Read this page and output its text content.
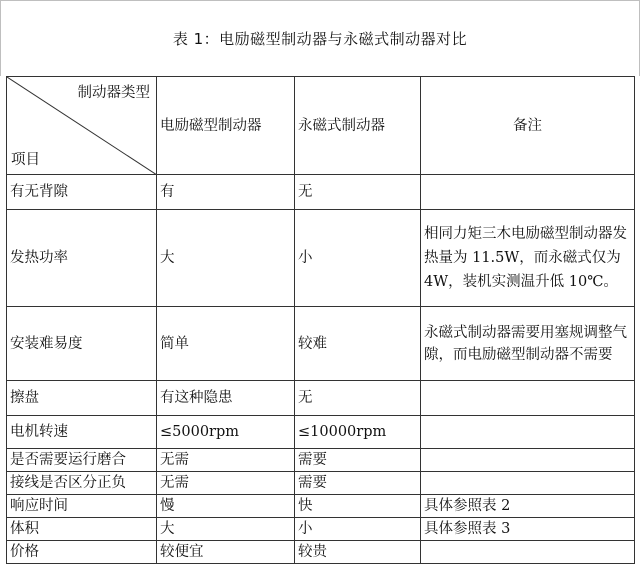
表 1：电励磁型制动器与永磁式制动器对比
制动器类型
项目	电励磁型制动器	永磁式制动器	备注
有无背隙	有	无	
发热功率	大	小	相同力矩三木电励磁型制动器发热量为 11.5W，而永磁式仅为 4W，装机实测温升低 10℃。
安装难易度	简单	较难	永磁式制动器需要用塞规调整气隙，而电励磁型制动器不需要
擦盘	有这种隐患	无	
电机转速	≤5000rpm	≤10000rpm	
是否需要运行磨合	无需	需要	
接线是否区分正负	无需	需要	
响应时间	慢	快	具体参照表 2
体积	大	小	具体参照表 3
价格	较便宜	较贵	
